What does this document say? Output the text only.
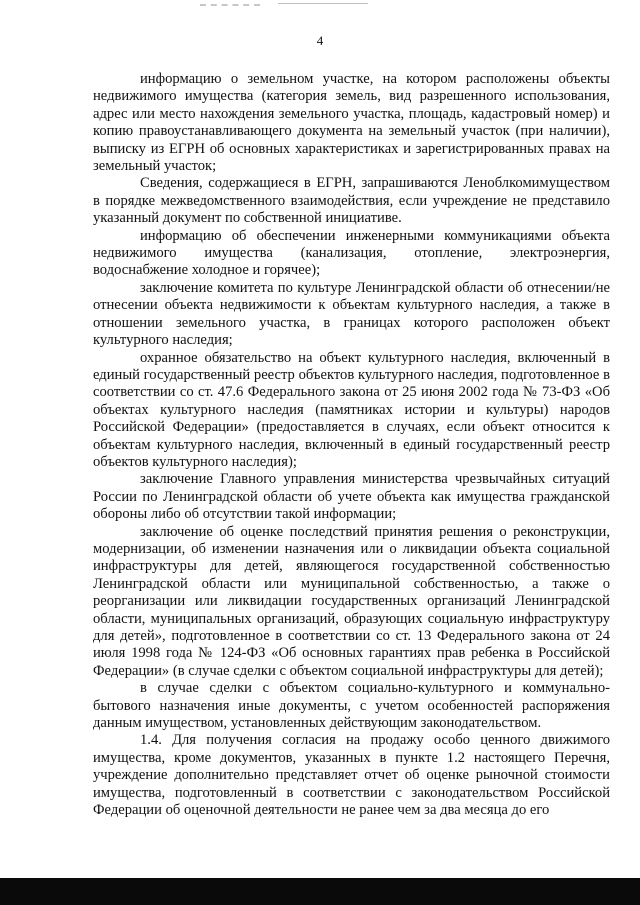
4

информацию о земельном участке, на котором расположены объекты недвижимого имущества (категория земель, вид разрешенного использования, адрес или место нахождения земельного участка, площадь, кадастровый номер) и копию правоустанавливающего документа на земельный участок (при наличии), выписку из ЕГРН об основных характеристиках и зарегистрированных правах на земельный участок;

Сведения, содержащиеся в ЕГРН, запрашиваются Леноблкомимуществом в порядке межведомственного взаимодействия, если учреждение не представило указанный документ по собственной инициативе.

информацию об обеспечении инженерными коммуникациями объекта недвижимого имущества (канализация, отопление, электроэнергия, водоснабжение холодное и горячее);

заключение комитета по культуре Ленинградской области об отнесении/не отнесении объекта недвижимости к объектам культурного наследия, а также в отношении земельного участка, в границах которого расположен объект культурного наследия;

охранное обязательство на объект культурного наследия, включенный в единый государственный реестр объектов культурного наследия, подготовленное в соответствии со ст. 47.6 Федерального закона от 25 июня 2002 года № 73-ФЗ «Об объектах культурного наследия (памятниках истории и культуры) народов Российской Федерации» (предоставляется в случаях, если объект относится к объектам культурного наследия, включенный в единый государственный реестр объектов культурного наследия);

заключение Главного управления министерства чрезвычайных ситуаций России по Ленинградской области об учете объекта как имущества гражданской обороны либо об отсутствии такой информации;

заключение об оценке последствий принятия решения о реконструкции, модернизации, об изменении назначения или о ликвидации объекта социальной инфраструктуры для детей, являющегося государственной собственностью Ленинградской области или муниципальной собственностью, а также о реорганизации или ликвидации государственных организаций Ленинградской области, муниципальных организаций, образующих социальную инфраструктуру для детей», подготовленное в соответствии со ст. 13 Федерального закона от 24 июля 1998 года № 124-ФЗ «Об основных гарантиях прав ребенка в Российской Федерации» (в случае сделки с объектом социальной инфраструктуры для детей);

в случае сделки с объектом социально-культурного и коммунально-бытового назначения иные документы, с учетом особенностей распоряжения данным имуществом, установленных действующим законодательством.

1.4. Для получения согласия на продажу особо ценного движимого имущества, кроме документов, указанных в пункте 1.2 настоящего Перечня, учреждение дополнительно представляет отчет об оценке рыночной стоимости имущества, подготовленный в соответствии с законодательством Российской Федерации об оценочной деятельности не ранее чем за два месяца до его
